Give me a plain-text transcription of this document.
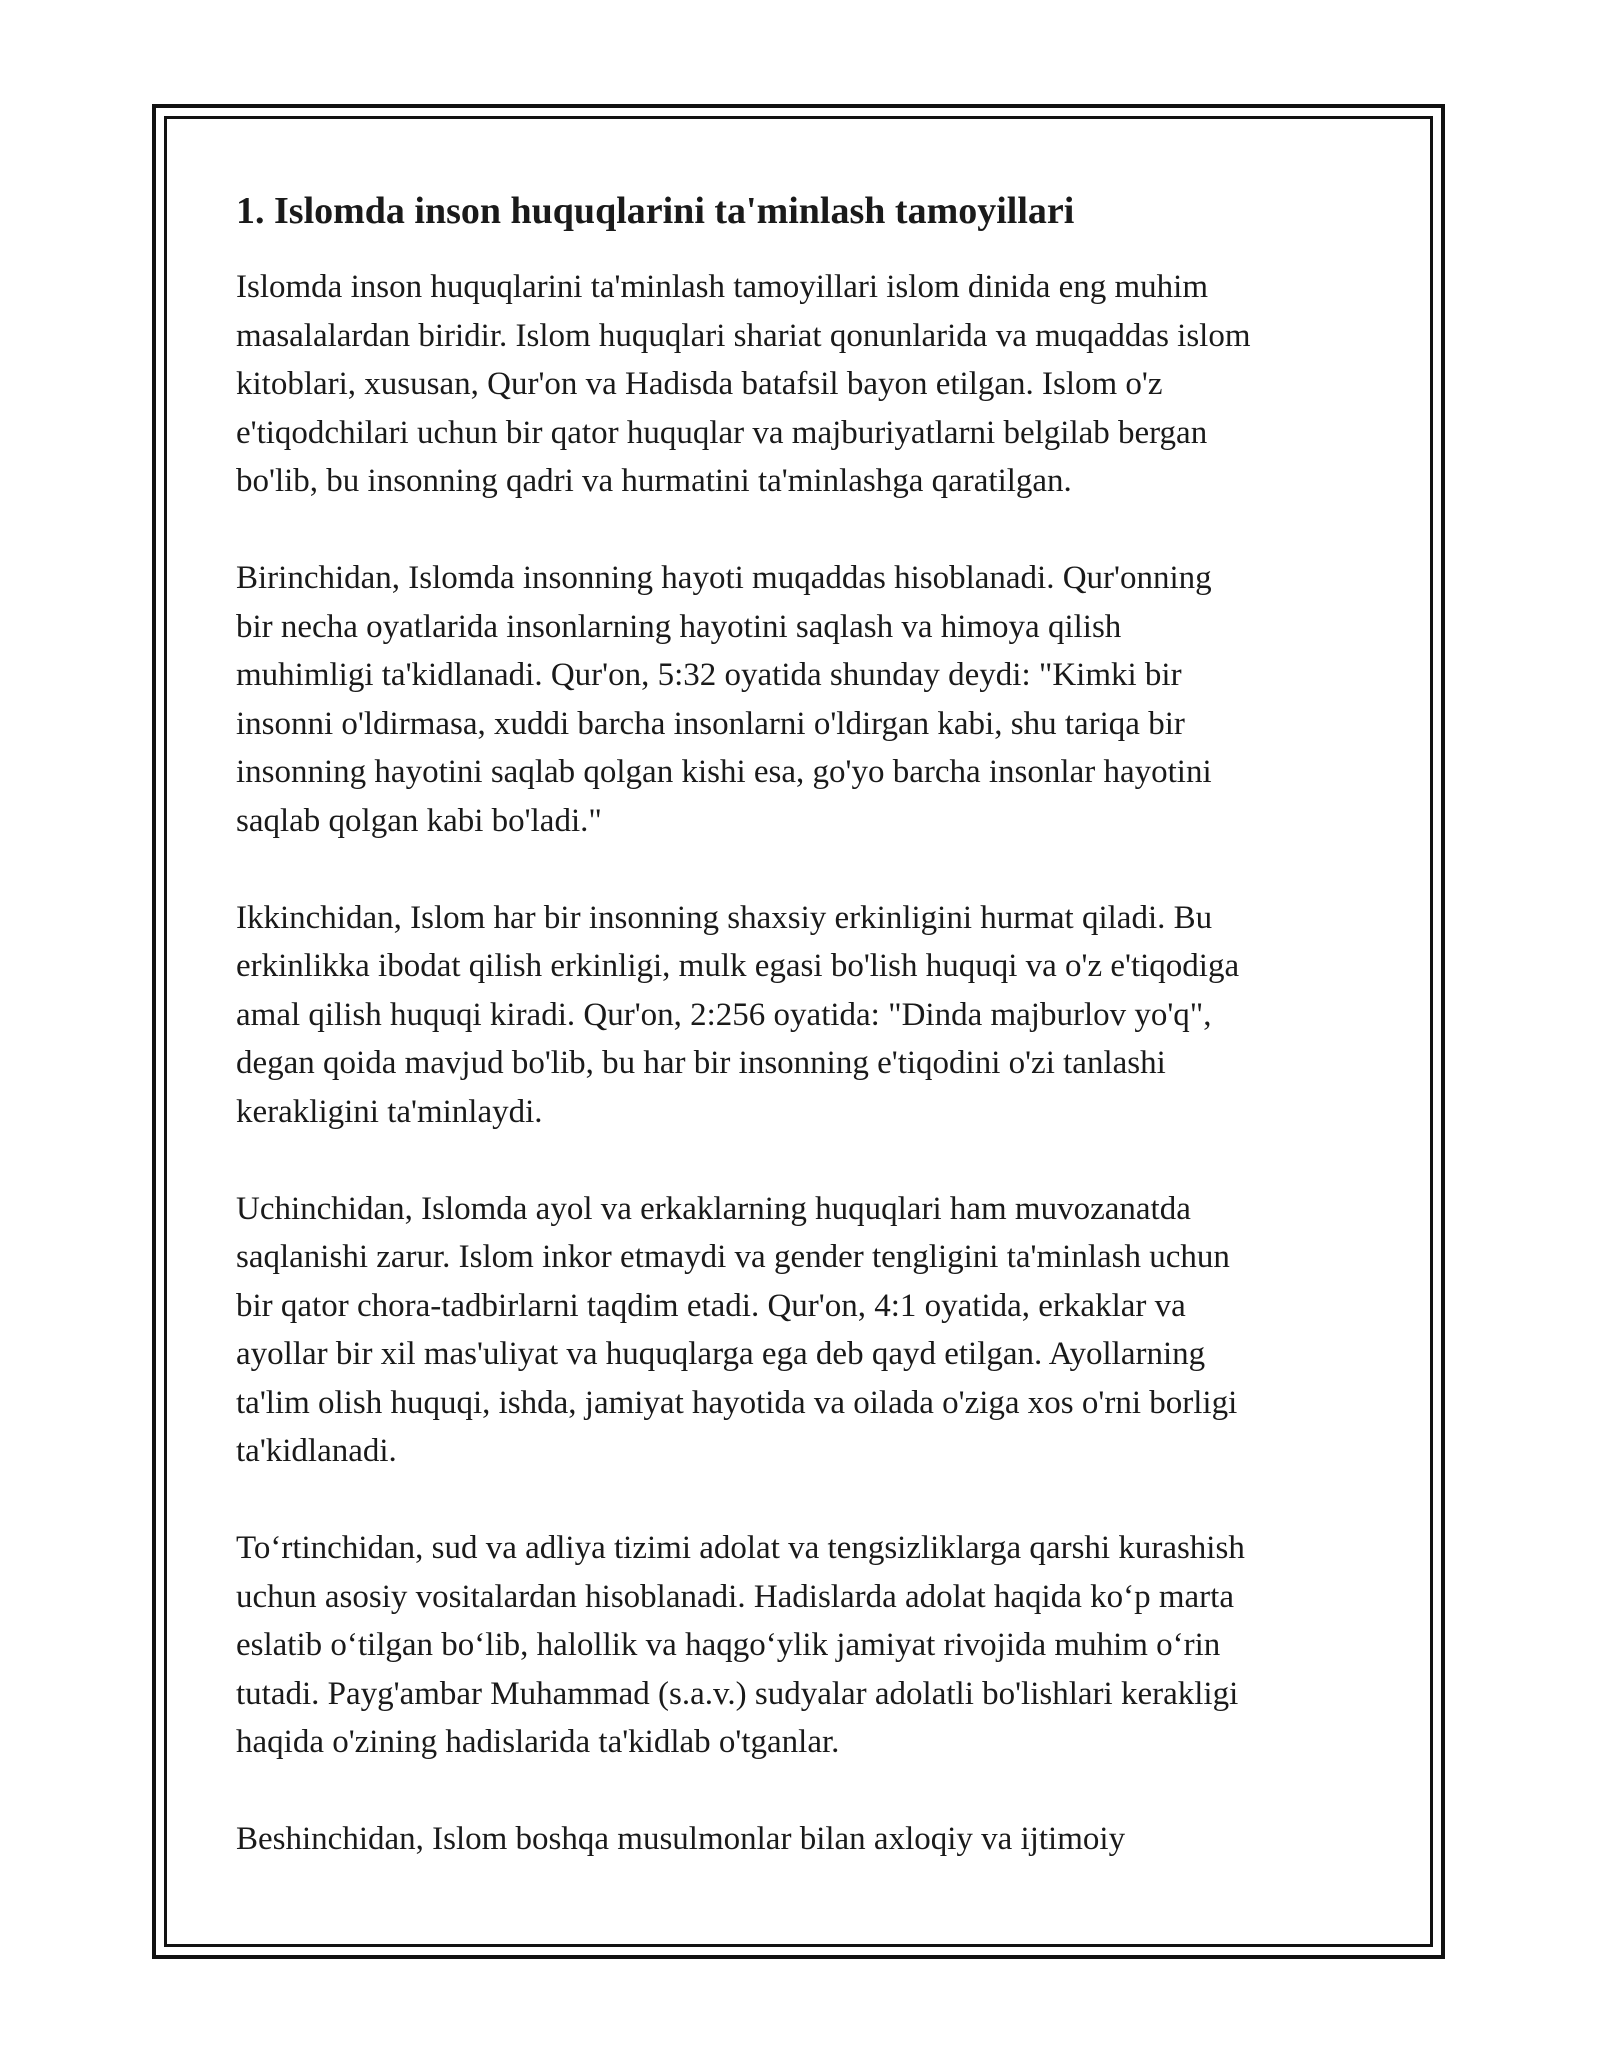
1. Islomda inson huquqlarini ta'minlash tamoyillari
Islomda inson huquqlarini ta'minlash tamoyillari islom dinida eng muhim
masalalardan biridir. Islom huquqlari shariat qonunlarida va muqaddas islom
kitoblari, xususan, Qur'on va Hadisda batafsil bayon etilgan. Islom o'z
e'tiqodchilari uchun bir qator huquqlar va majburiyatlarni belgilab bergan
bo'lib, bu insonning qadri va hurmatini ta'minlashga qaratilgan.
Birinchidan, Islomda insonning hayoti muqaddas hisoblanadi. Qur'onning
bir necha oyatlarida insonlarning hayotini saqlash va himoya qilish
muhimligi ta'kidlanadi. Qur'on, 5:32 oyatida shunday deydi: "Kimki bir
insonni o'ldirmasa, xuddi barcha insonlarni o'ldirgan kabi, shu tariqa bir
insonning hayotini saqlab qolgan kishi esa, go'yo barcha insonlar hayotini
saqlab qolgan kabi bo'ladi."
Ikkinchidan, Islom har bir insonning shaxsiy erkinligini hurmat qiladi. Bu
erkinlikka ibodat qilish erkinligi, mulk egasi bo'lish huquqi va o'z e'tiqodiga
amal qilish huquqi kiradi. Qur'on, 2:256 oyatida: "Dinda majburlov yo'q",
degan qoida mavjud bo'lib, bu har bir insonning e'tiqodini o'zi tanlashi
kerakligini ta'minlaydi.
Uchinchidan, Islomda ayol va erkaklarning huquqlari ham muvozanatda
saqlanishi zarur. Islom inkor etmaydi va gender tengligini ta'minlash uchun
bir qator chora-tadbirlarni taqdim etadi. Qur'on, 4:1 oyatida, erkaklar va
ayollar bir xil mas'uliyat va huquqlarga ega deb qayd etilgan. Ayollarning
ta'lim olish huquqi, ishda, jamiyat hayotida va oilada o'ziga xos o'rni borligi
ta'kidlanadi.
To‘rtinchidan, sud va adliya tizimi adolat va tengsizliklarga qarshi kurashish
uchun asosiy vositalardan hisoblanadi. Hadislarda adolat haqida ko‘p marta
eslatib o‘tilgan bo‘lib, halollik va haqgo‘ylik jamiyat rivojida muhim o‘rin
tutadi. Payg'ambar Muhammad (s.a.v.) sudyalar adolatli bo'lishlari kerakligi
haqida o'zining hadislarida ta'kidlab o'tganlar.
Beshinchidan, Islom boshqa musulmonlar bilan axloqiy va ijtimoiy
